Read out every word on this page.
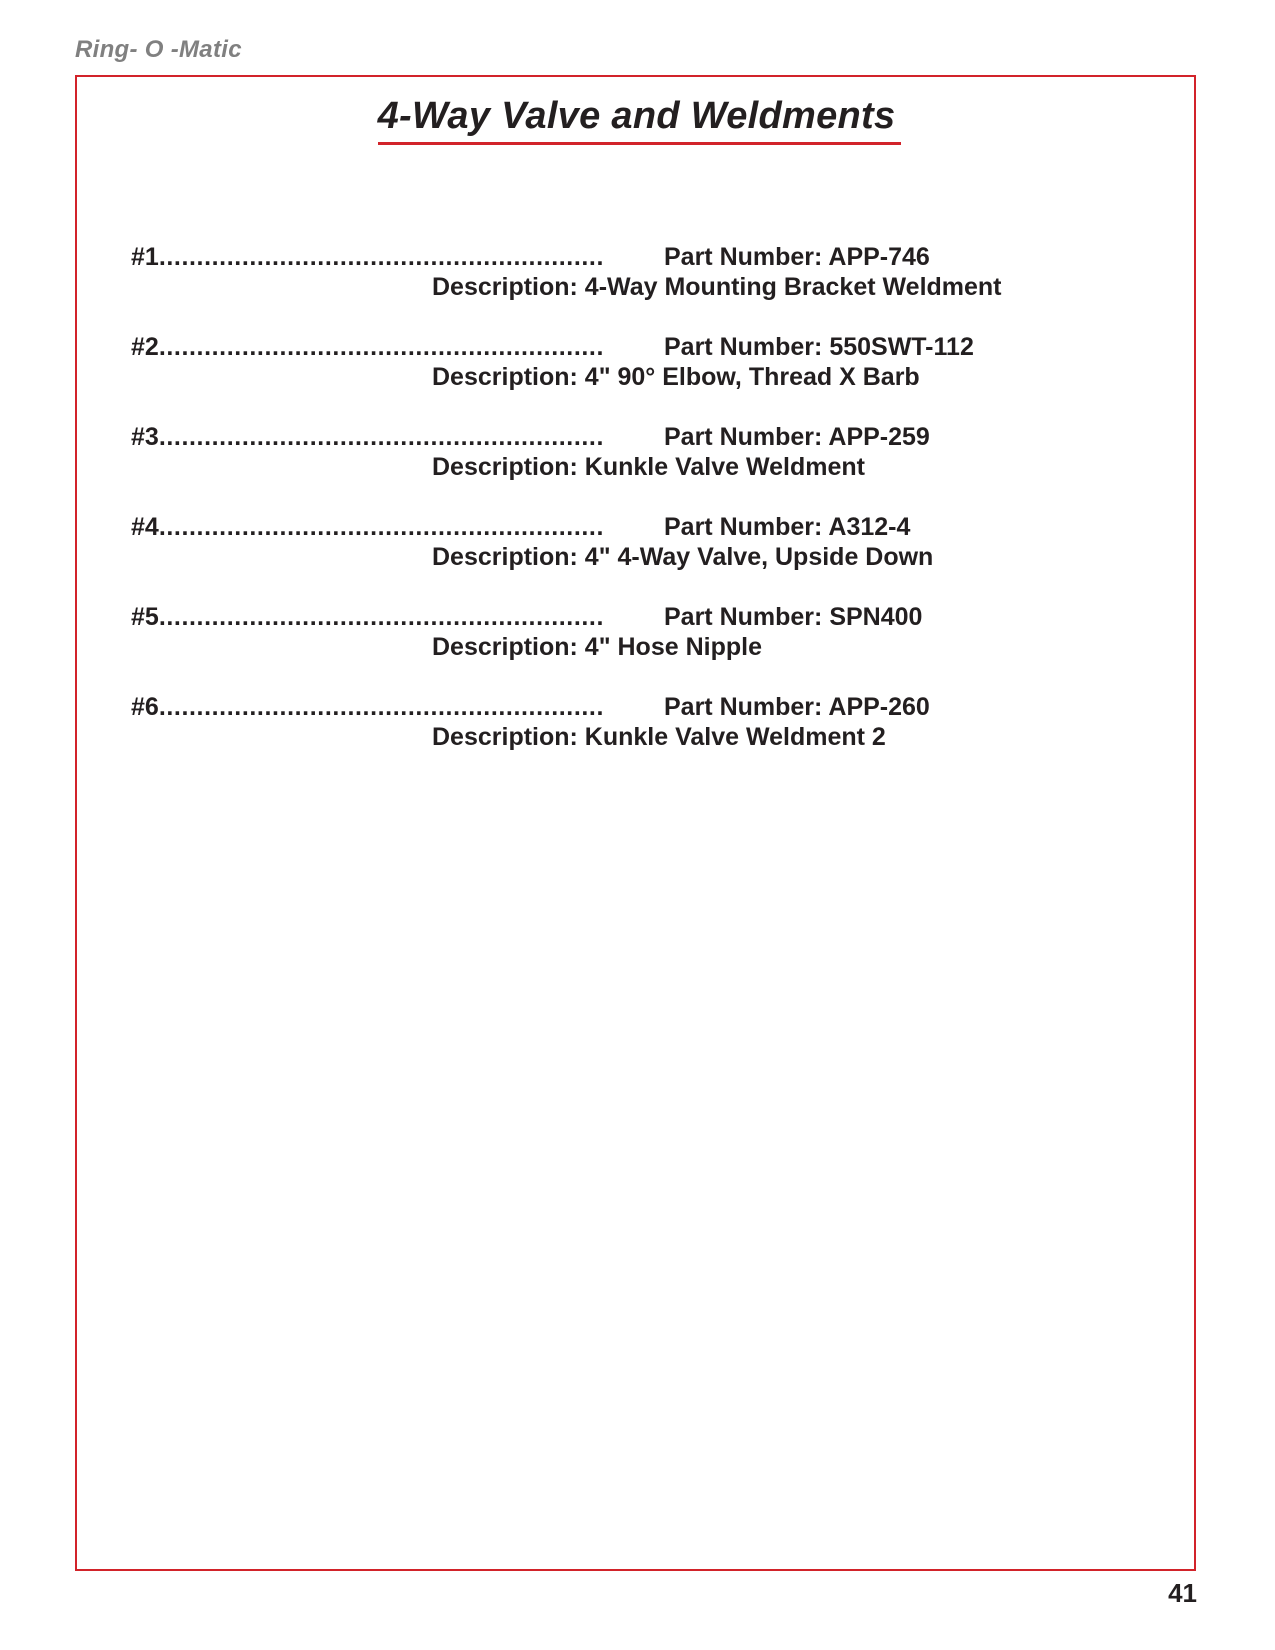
Ring- O -Matic
4-Way Valve and Weldments
#1...........................................................	Part Number: APP-746
Description: 4-Way Mounting Bracket Weldment
#2...........................................................	Part Number: 550SWT-112
Description: 4" 90° Elbow, Thread X Barb
#3...........................................................	Part Number: APP-259
Description: Kunkle Valve Weldment
#4...........................................................	Part Number: A312-4
Description: 4" 4-Way Valve, Upside Down
#5...........................................................	Part Number: SPN400
Description: 4" Hose Nipple
#6...........................................................	Part Number: APP-260
Description: Kunkle Valve Weldment 2
41
